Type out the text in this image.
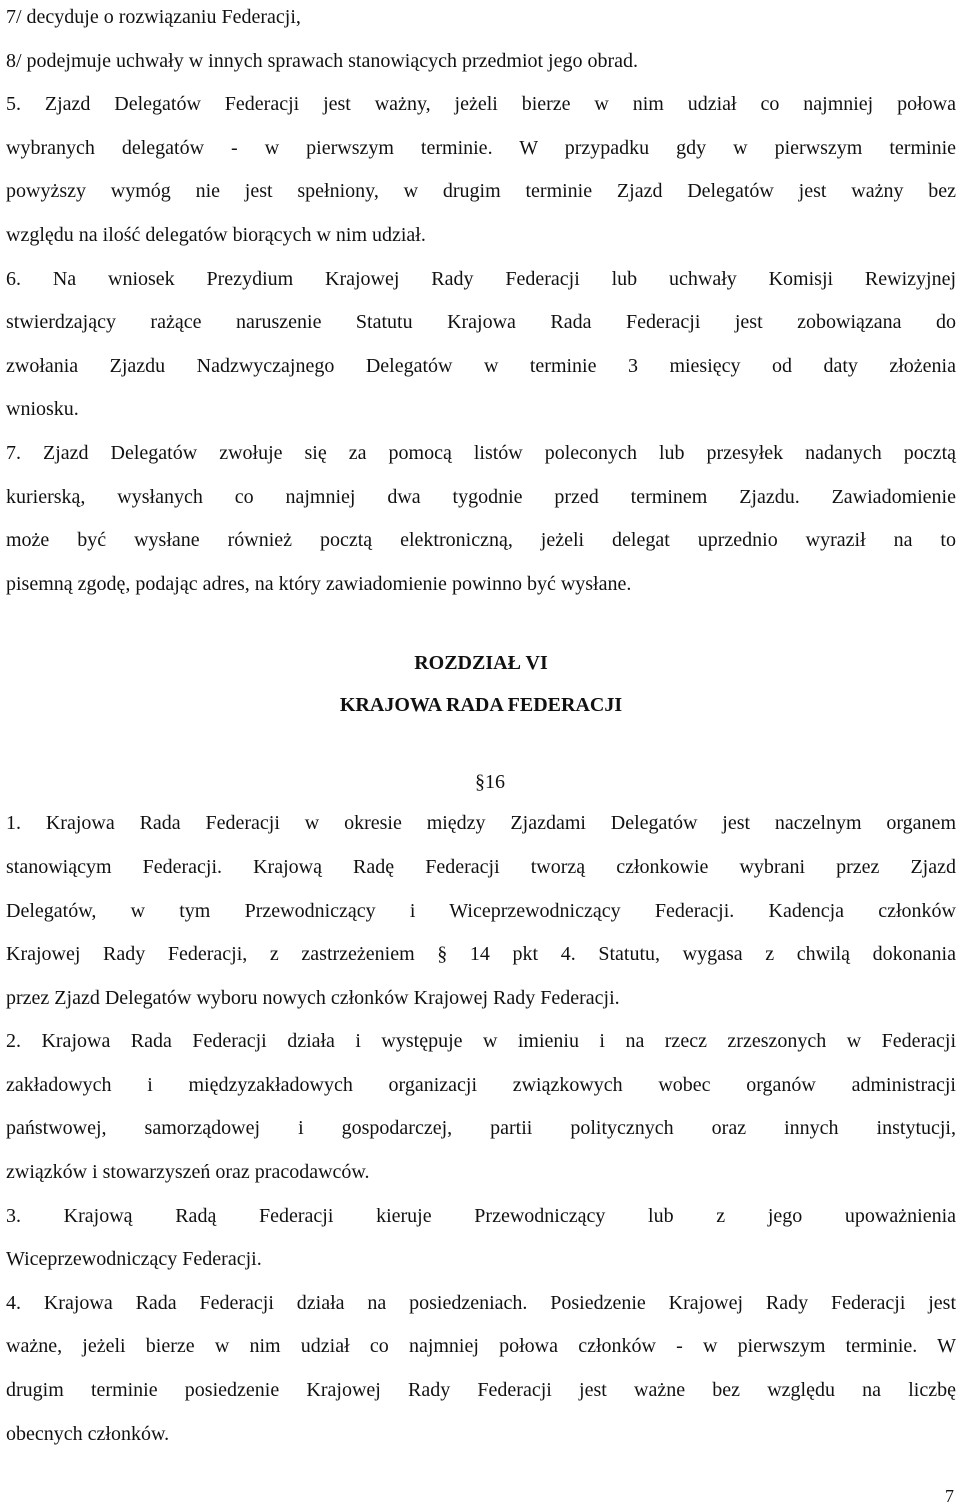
7/ decyduje o rozwiązaniu Federacji,
8/ podejmuje uchwały w innych sprawach stanowiących przedmiot jego obrad.
5. Zjazd Delegatów Federacji jest ważny, jeżeli bierze w nim udział co najmniej połowa
wybranych delegatów - w pierwszym terminie. W przypadku gdy w pierwszym terminie
powyższy wymóg nie jest spełniony, w drugim terminie Zjazd Delegatów jest ważny bez
względu na ilość delegatów biorących w nim udział.
6. Na wniosek Prezydium Krajowej Rady Federacji lub uchwały Komisji Rewizyjnej
stwierdzający rażące naruszenie Statutu Krajowa Rada Federacji jest zobowiązana do
zwołania Zjazdu Nadzwyczajnego Delegatów w terminie 3 miesięcy od daty złożenia
wniosku.
7. Zjazd Delegatów zwołuje się za pomocą listów poleconych lub przesyłek nadanych pocztą
kurierską, wysłanych co najmniej dwa tygodnie przed terminem Zjazdu. Zawiadomienie
może być wysłane również pocztą elektroniczną, jeżeli delegat uprzednio wyraził na to
pisemną zgodę, podając adres, na który zawiadomienie powinno być wysłane.
ROZDZIAŁ VI
KRAJOWA RADA FEDERACJI
§16
1. Krajowa Rada Federacji w okresie między Zjazdami Delegatów jest naczelnym organem
stanowiącym Federacji. Krajową Radę Federacji tworzą członkowie wybrani przez Zjazd
Delegatów, w tym Przewodniczący i Wiceprzewodniczący Federacji. Kadencja członków
Krajowej Rady Federacji, z zastrzeżeniem § 14 pkt 4. Statutu, wygasa z chwilą dokonania
przez Zjazd Delegatów wyboru nowych członków Krajowej Rady Federacji.
2. Krajowa Rada Federacji działa i występuje w imieniu i na rzecz zrzeszonych w Federacji
zakładowych i międzyzakładowych organizacji związkowych wobec organów administracji
państwowej, samorządowej i gospodarczej, partii politycznych oraz innych instytucji,
związków i stowarzyszeń oraz pracodawców.
3. Krajową Radą Federacji kieruje Przewodniczący lub z jego upoważnienia
Wiceprzewodniczący Federacji.
4. Krajowa Rada Federacji działa na posiedzeniach. Posiedzenie Krajowej Rady Federacji jest
ważne, jeżeli bierze w nim udział co najmniej połowa członków - w pierwszym terminie. W
drugim terminie posiedzenie Krajowej Rady Federacji jest ważne bez względu na liczbę
obecnych członków.
7
